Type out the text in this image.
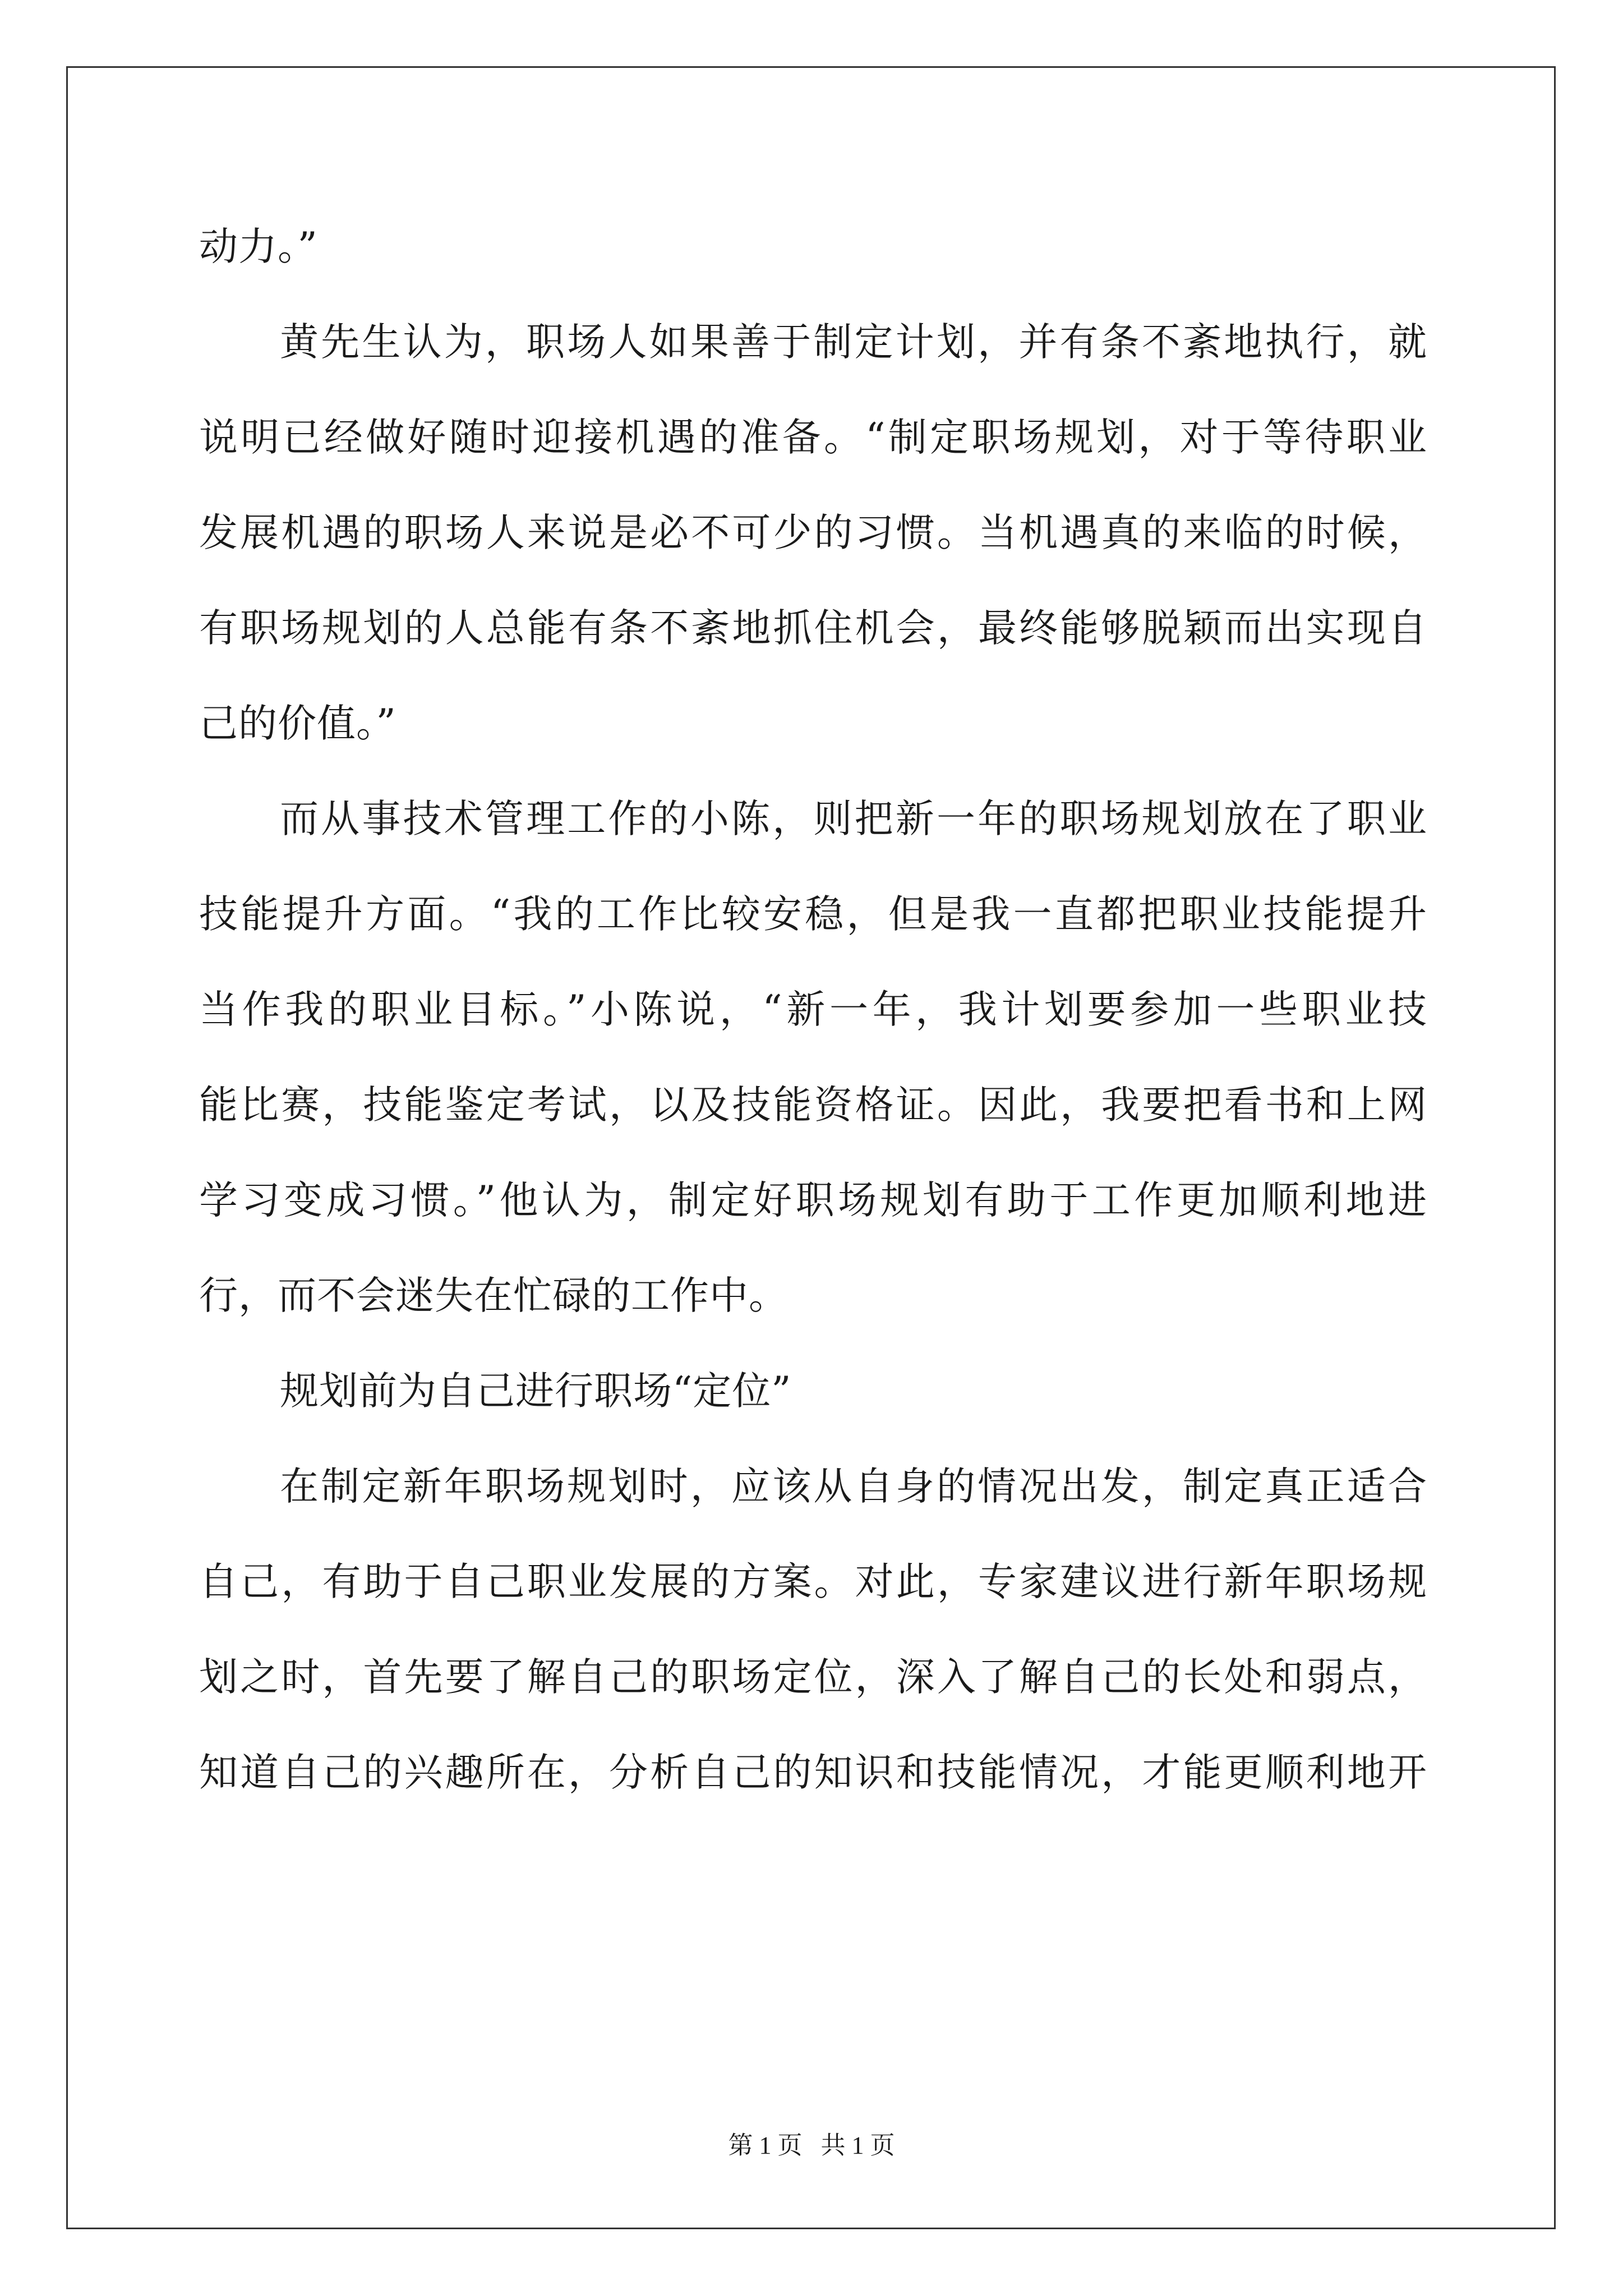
动力。”
黄先生认为，职场人如果善于制定计划，并有条不紊地执行，就
说明已经做好随时迎接机遇的准备。“制定职场规划，对于等待职业
发展机遇的职场人来说是必不可少的习惯。当机遇真的来临的时候，
有职场规划的人总能有条不紊地抓住机会，最终能够脱颖而出实现自
己的价值。”
而从事技术管理工作的小陈，则把新一年的职场规划放在了职业
技能提升方面。“我的工作比较安稳，但是我一直都把职业技能提升
当作我的职业目标。”小陈说，“新一年，我计划要参加一些职业技
能比赛，技能鉴定考试，以及技能资格证。因此，我要把看书和上网
学习变成习惯。”他认为，制定好职场规划有助于工作更加顺利地进
行，而不会迷失在忙碌的工作中。
规划前为自己进行职场“定位”
在制定新年职场规划时，应该从自身的情况出发，制定真正适合
自己，有助于自己职业发展的方案。对此，专家建议进行新年职场规
划之时，首先要了解自己的职场定位，深入了解自己的长处和弱点，
知道自己的兴趣所在，分析自己的知识和技能情况，才能更顺利地开
第 1 页   共 1 页
